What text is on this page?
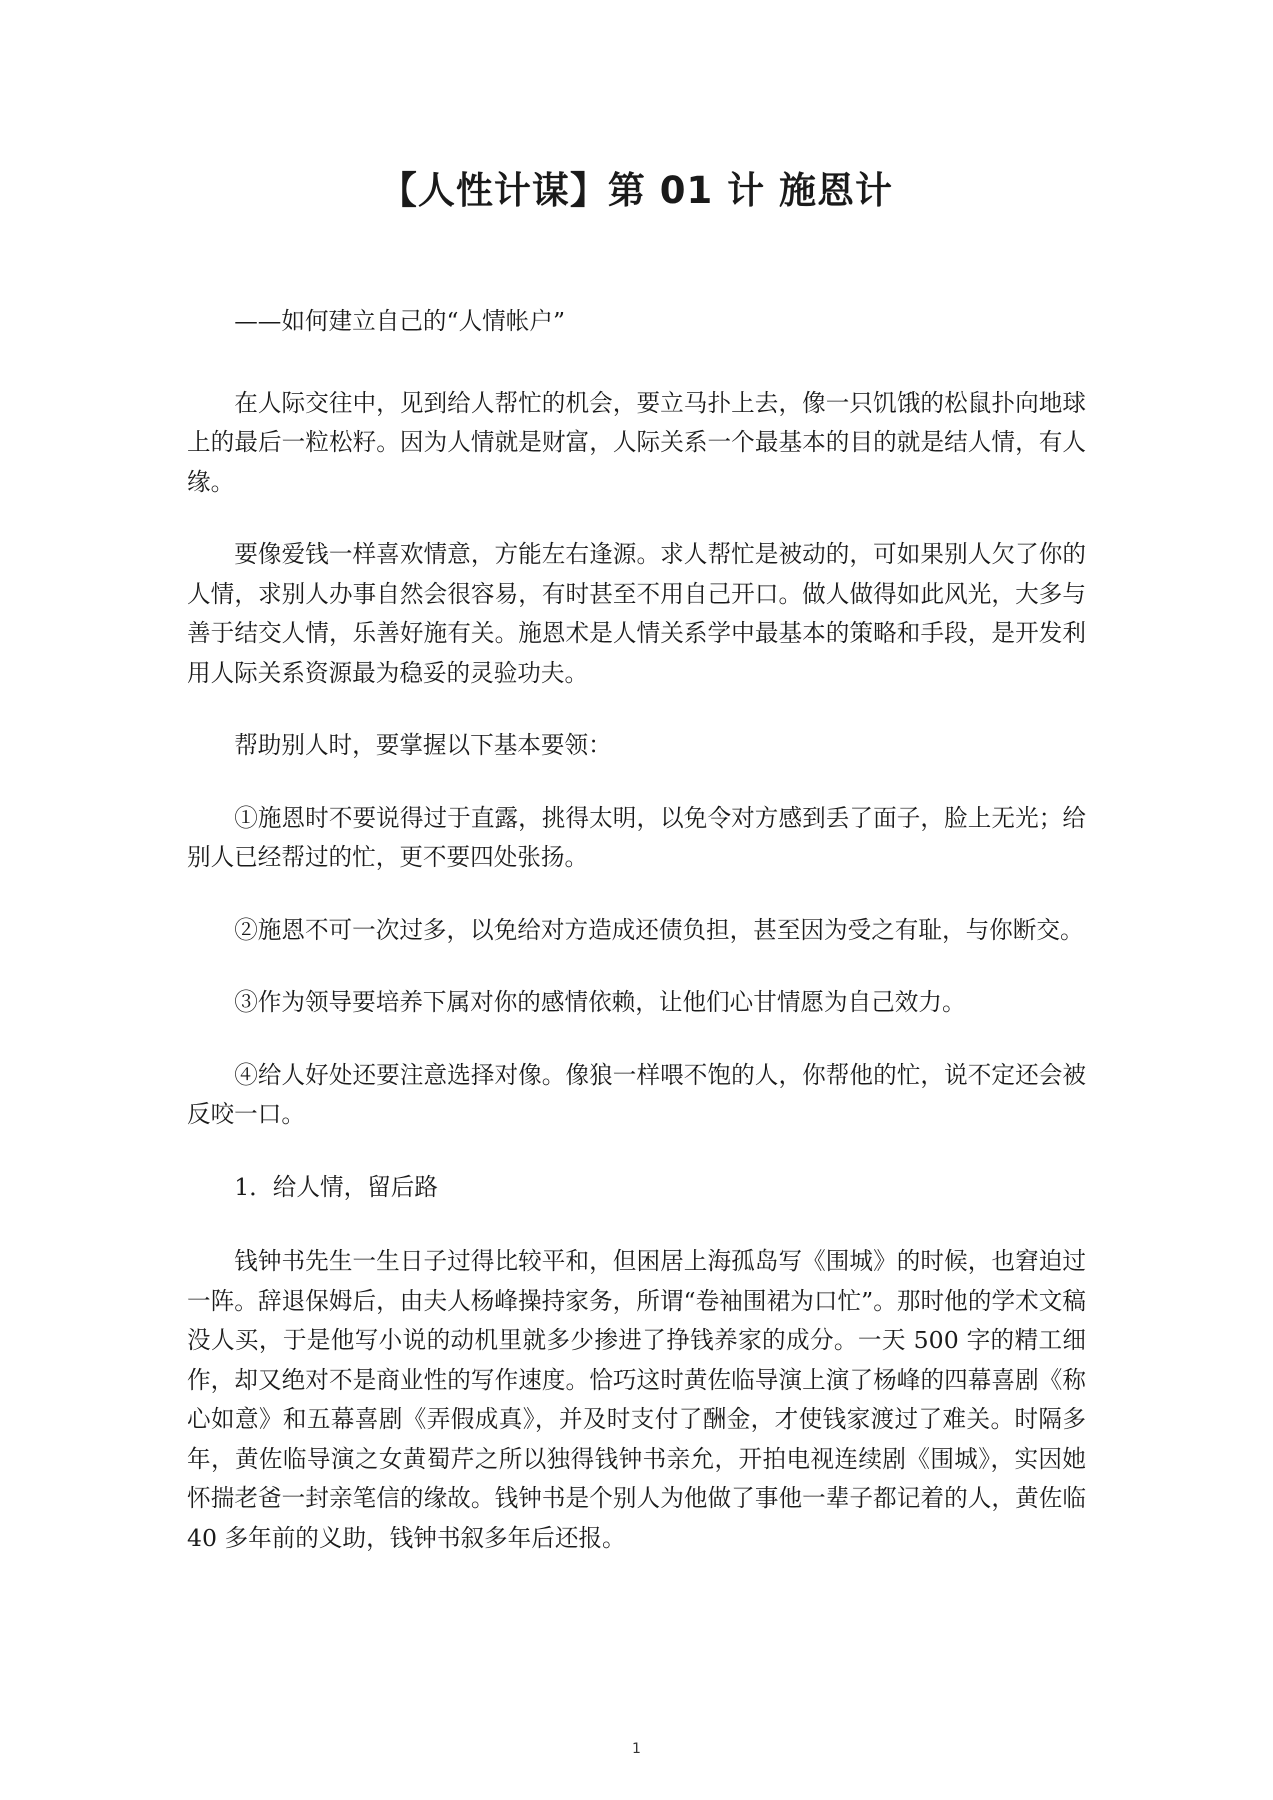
【人性计谋】第 01 计 施恩计

——如何建立自己的“人情帐户”

在人际交往中，见到给人帮忙的机会，要立马扑上去，像一只饥饿的松鼠扑向地球上的最后一粒松籽。因为人情就是财富，人际关系一个最基本的目的就是结人情，有人缘。

要像爱钱一样喜欢情意，方能左右逢源。求人帮忙是被动的，可如果别人欠了你的人情，求别人办事自然会很容易，有时甚至不用自己开口。做人做得如此风光，大多与善于结交人情，乐善好施有关。施恩术是人情关系学中最基本的策略和手段，是开发利用人际关系资源最为稳妥的灵验功夫。

帮助别人时，要掌握以下基本要领：

①施恩时不要说得过于直露，挑得太明，以免令对方感到丢了面子，脸上无光；给别人已经帮过的忙，更不要四处张扬。

②施恩不可一次过多，以免给对方造成还债负担，甚至因为受之有耻，与你断交。

③作为领导要培养下属对你的感情依赖，让他们心甘情愿为自己效力。

④给人好处还要注意选择对像。像狼一样喂不饱的人，你帮他的忙，说不定还会被反咬一口。

1．给人情，留后路

钱钟书先生一生日子过得比较平和，但困居上海孤岛写《围城》的时候，也窘迫过一阵。辞退保姆后，由夫人杨峰操持家务，所谓“卷袖围裙为口忙”。那时他的学术文稿没人买，于是他写小说的动机里就多少掺进了挣钱养家的成分。一天 500 字的精工细作，却又绝对不是商业性的写作速度。恰巧这时黄佐临导演上演了杨峰的四幕喜剧《称心如意》和五幕喜剧《弄假成真》，并及时支付了酬金，才使钱家渡过了难关。时隔多年，黄佐临导演之女黄蜀芹之所以独得钱钟书亲允，开拍电视连续剧《围城》，实因她怀揣老爸一封亲笔信的缘故。钱钟书是个别人为他做了事他一辈子都记着的人，黄佐临 40 多年前的义助，钱钟书叙多年后还报。

1
